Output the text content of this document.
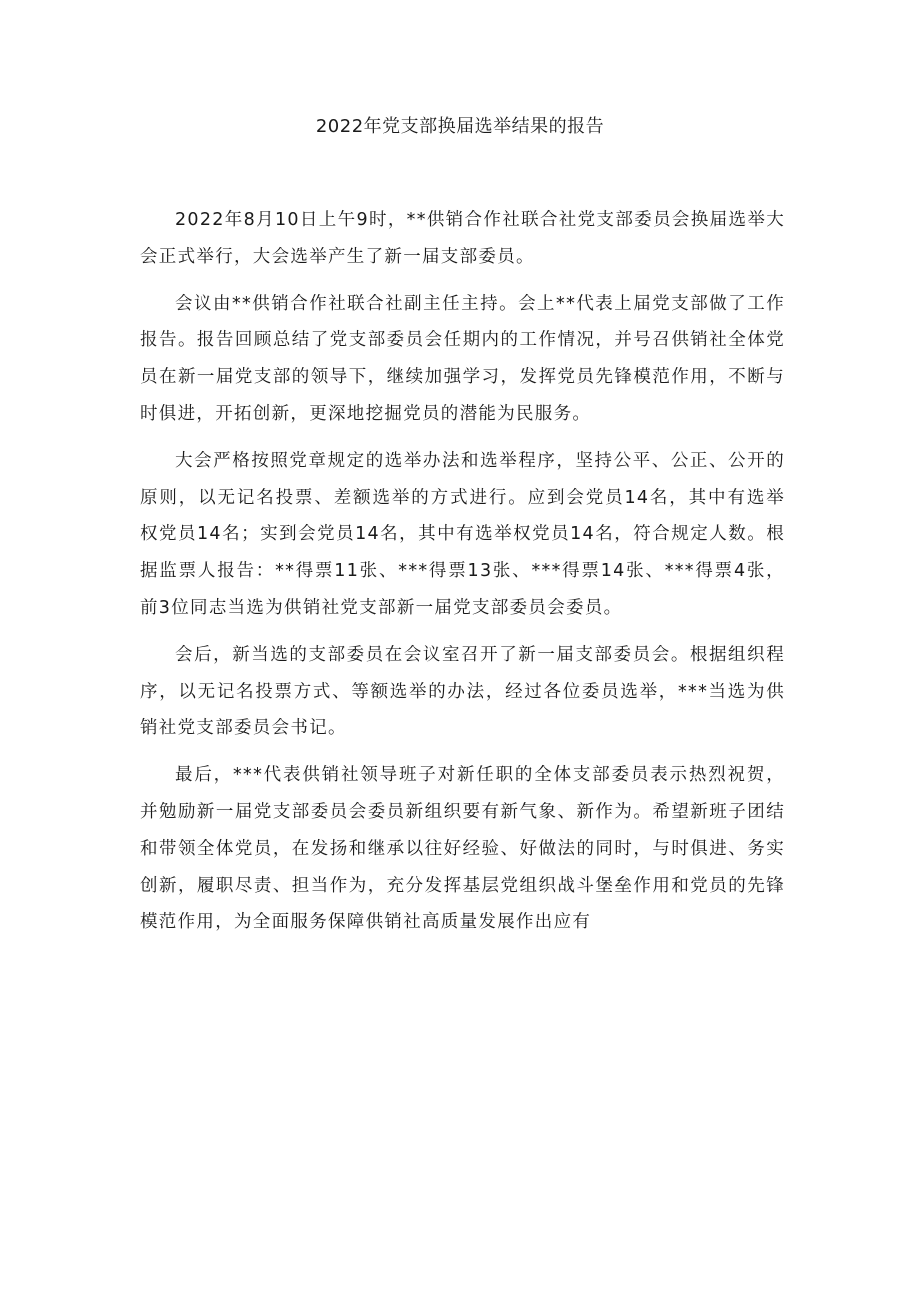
2022年党支部换届选举结果的报告

2022年8月10日上午9时，**供销合作社联合社党支部委员会换届选举大会正式举行，大会选举产生了新一届支部委员。

会议由**供销合作社联合社副主任主持。会上**代表上届党支部做了工作报告。报告回顾总结了党支部委员会任期内的工作情况，并号召供销社全体党员在新一届党支部的领导下，继续加强学习，发挥党员先锋模范作用，不断与时俱进，开拓创新，更深地挖掘党员的潜能为民服务。

大会严格按照党章规定的选举办法和选举程序，坚持公平、公正、公开的原则，以无记名投票、差额选举的方式进行。应到会党员14名，其中有选举权党员14名；实到会党员14名，其中有选举权党员14名，符合规定人数。根据监票人报告：**得票11张、***得票13张、***得票14张、***得票4张，前3位同志当选为供销社党支部新一届党支部委员会委员。

会后，新当选的支部委员在会议室召开了新一届支部委员会。根据组织程序，以无记名投票方式、等额选举的办法，经过各位委员选举，***当选为供销社党支部委员会书记。

最后，***代表供销社领导班子对新任职的全体支部委员表示热烈祝贺，并勉励新一届党支部委员会委员新组织要有新气象、新作为。希望新班子团结和带领全体党员，在发扬和继承以往好经验、好做法的同时，与时俱进、务实创新，履职尽责、担当作为，充分发挥基层党组织战斗堡垒作用和党员的先锋模范作用，为全面服务保障供销社高质量发展作出应有
